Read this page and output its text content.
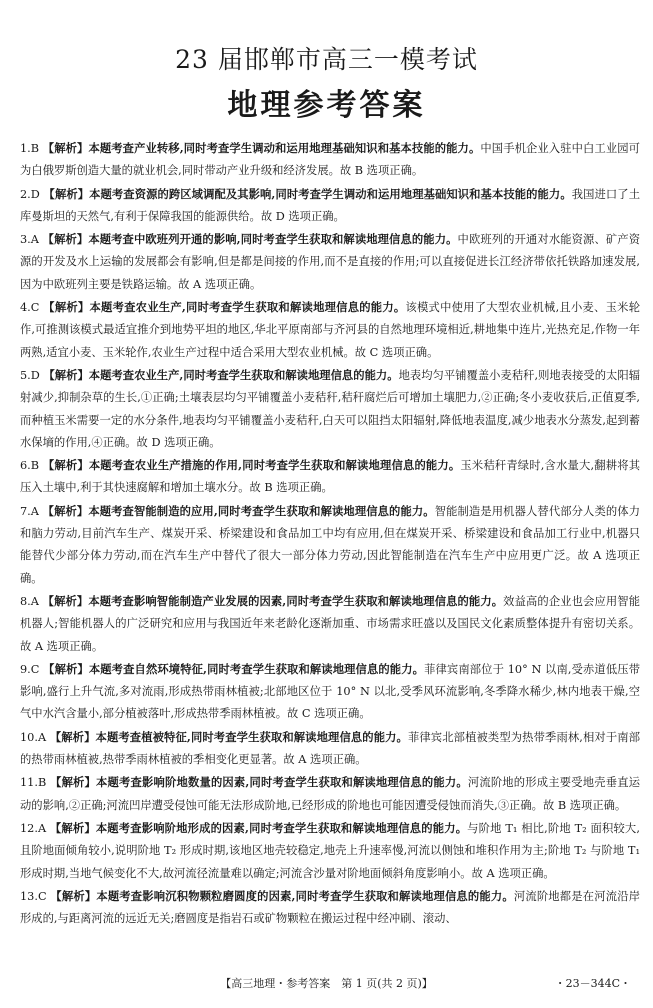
23 届邯郸市高三一模考试
地理参考答案

1.B 【解析】本题考查产业转移,同时考查学生调动和运用地理基础知识和基本技能的能力。中国手机企业入驻中白工业园可为白俄罗斯创造大量的就业机会,同时带动产业升级和经济发展。故 B 选项正确。

2.D 【解析】本题考查资源的跨区域调配及其影响,同时考查学生调动和运用地理基础知识和基本技能的能力。我国进口了土库曼斯坦的天然气,有利于保障我国的能源供给。故 D 选项正确。

3.A 【解析】本题考查中欧班列开通的影响,同时考查学生获取和解读地理信息的能力。中欧班列的开通对水能资源、矿产资源的开发及水上运输的发展都会有影响,但是都是间接的作用,而不是直接的作用;可以直接促进长江经济带依托铁路加速发展,因为中欧班列主要是铁路运输。故 A 选项正确。

4.C 【解析】本题考查农业生产,同时考查学生获取和解读地理信息的能力。该模式中使用了大型农业机械,且小麦、玉米轮作,可推测该模式最适宜推介到地势平坦的地区,华北平原南部与齐河县的自然地理环境相近,耕地集中连片,光热充足,作物一年两熟,适宜小麦、玉米轮作,农业生产过程中适合采用大型农业机械。故 C 选项正确。

5.D 【解析】本题考查农业生产,同时考查学生获取和解读地理信息的能力。地表均匀平铺覆盖小麦秸秆,则地表接受的太阳辐射减少,抑制杂草的生长,①正确;土壤表层均匀平铺覆盖小麦秸秆,秸秆腐烂后可增加土壤肥力,②正确;冬小麦收获后,正值夏季,而种植玉米需要一定的水分条件,地表均匀平铺覆盖小麦秸秆,白天可以阻挡太阳辐射,降低地表温度,减少地表水分蒸发,起到蓄水保墒的作用,④正确。故 D 选项正确。

6.B 【解析】本题考查农业生产措施的作用,同时考查学生获取和解读地理信息的能力。玉米秸秆青绿时,含水量大,翻耕将其压入土壤中,利于其快速腐解和增加土壤水分。故 B 选项正确。

7.A 【解析】本题考查智能制造的应用,同时考查学生获取和解读地理信息的能力。智能制造是用机器人替代部分人类的体力和脑力劳动,目前汽车生产、煤炭开采、桥梁建设和食品加工中均有应用,但在煤炭开采、桥梁建设和食品加工行业中,机器只能替代少部分体力劳动,而在汽车生产中替代了很大一部分体力劳动,因此智能制造在汽车生产中应用更广泛。故 A 选项正确。

8.A 【解析】本题考查影响智能制造产业发展的因素,同时考查学生获取和解读地理信息的能力。效益高的企业也会应用智能机器人;智能机器人的广泛研究和应用与我国近年来老龄化逐渐加重、市场需求旺盛以及国民文化素质整体提升有密切关系。故 A 选项正确。

9.C 【解析】本题考查自然环境特征,同时考查学生获取和解读地理信息的能力。菲律宾南部位于 10° N 以南,受赤道低压带影响,盛行上升气流,多对流雨,形成热带雨林植被;北部地区位于 10° N 以北,受季风环流影响,冬季降水稀少,林内地表干燥,空气中水汽含量小,部分植被落叶,形成热带季雨林植被。故 C 选项正确。

10.A 【解析】本题考查植被特征,同时考查学生获取和解读地理信息的能力。菲律宾北部植被类型为热带季雨林,相对于南部的热带雨林植被,热带季雨林植被的季相变化更显著。故 A 选项正确。

11.B 【解析】本题考查影响阶地数量的因素,同时考查学生获取和解读地理信息的能力。河流阶地的形成主要受地壳垂直运动的影响,②正确;河流凹岸遭受侵蚀可能无法形成阶地,已经形成的阶地也可能因遭受侵蚀而消失,③正确。故 B 选项正确。

12.A 【解析】本题考查影响阶地形成的因素,同时考查学生获取和解读地理信息的能力。与阶地 T₁ 相比,阶地 T₂ 面积较大,且阶地面倾角较小,说明阶地 T₂ 形成时期,该地区地壳较稳定,地壳上升速率慢,河流以侧蚀和堆积作用为主;阶地 T₂ 与阶地 T₁ 形成时期,当地气候变化不大,故河流径流量难以确定;河流含沙量对阶地面倾斜角度影响小。故 A 选项正确。

13.C 【解析】本题考查影响沉积物颗粒磨圆度的因素,同时考查学生获取和解读地理信息的能力。河流阶地都是在河流沿岸形成的,与距离河流的远近无关;磨圆度是指岩石或矿物颗粒在搬运过程中经冲刷、滚动、

【高三地理・参考答案　第 1 页(共 2 页)】	・23－344C・
